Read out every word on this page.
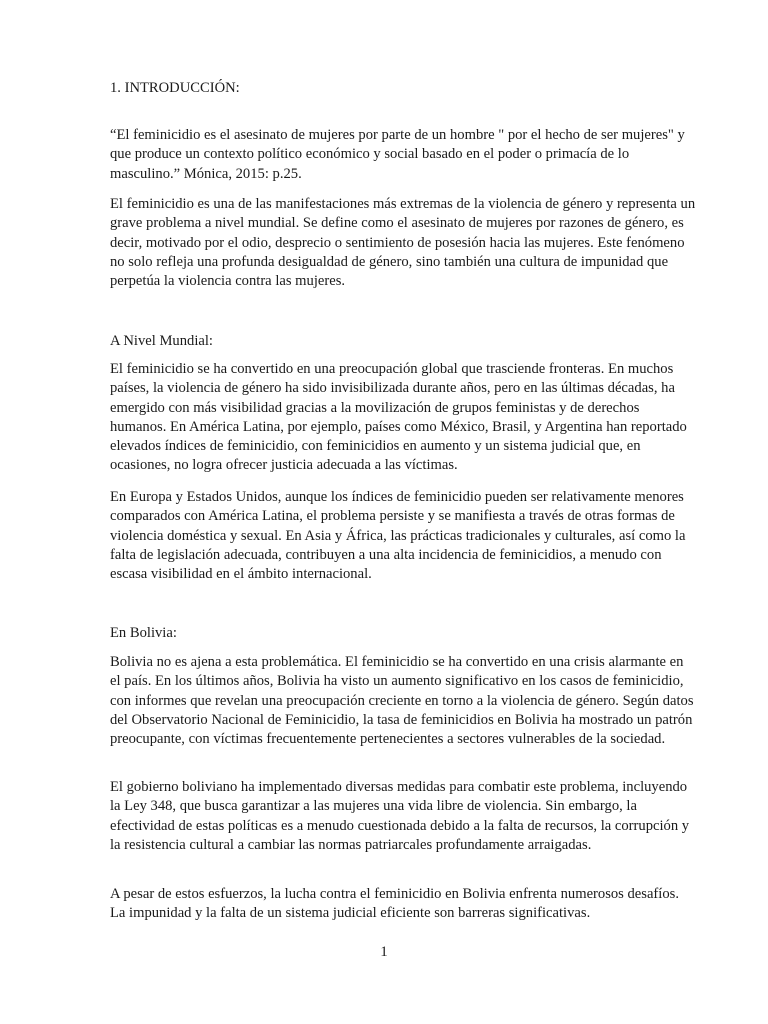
1. INTRODUCCIÓN:

“El feminicidio es el asesinato de mujeres por parte de un hombre " por el hecho de ser mujeres" y que produce un contexto político económico y social basado en el poder o primacía de lo masculino.” Mónica, 2015: p.25.

El feminicidio es una de las manifestaciones más extremas de la violencia de género y representa un grave problema a nivel mundial. Se define como el asesinato de mujeres por razones de género, es decir, motivado por el odio, desprecio o sentimiento de posesión hacia las mujeres. Este fenómeno no solo refleja una profunda desigualdad de género, sino también una cultura de impunidad que perpetúa la violencia contra las mujeres.

A Nivel Mundial:

El feminicidio se ha convertido en una preocupación global que trasciende fronteras. En muchos países, la violencia de género ha sido invisibilizada durante años, pero en las últimas décadas, ha emergido con más visibilidad gracias a la movilización de grupos feministas y de derechos humanos. En América Latina, por ejemplo, países como México, Brasil, y Argentina han reportado elevados índices de feminicidio, con feminicidios en aumento y un sistema judicial que, en ocasiones, no logra ofrecer justicia adecuada a las víctimas.

En Europa y Estados Unidos, aunque los índices de feminicidio pueden ser relativamente menores comparados con América Latina, el problema persiste y se manifiesta a través de otras formas de violencia doméstica y sexual. En Asia y África, las prácticas tradicionales y culturales, así como la falta de legislación adecuada, contribuyen a una alta incidencia de feminicidios, a menudo con escasa visibilidad en el ámbito internacional.

En Bolivia:

Bolivia no es ajena a esta problemática. El feminicidio se ha convertido en una crisis alarmante en el país. En los últimos años, Bolivia ha visto un aumento significativo en los casos de feminicidio, con informes que revelan una preocupación creciente en torno a la violencia de género. Según datos del Observatorio Nacional de Feminicidio, la tasa de feminicidios en Bolivia ha mostrado un patrón preocupante, con víctimas frecuentemente pertenecientes a sectores vulnerables de la sociedad.

El gobierno boliviano ha implementado diversas medidas para combatir este problema, incluyendo la Ley 348, que busca garantizar a las mujeres una vida libre de violencia. Sin embargo, la efectividad de estas políticas es a menudo cuestionada debido a la falta de recursos, la corrupción y la resistencia cultural a cambiar las normas patriarcales profundamente arraigadas.

A pesar de estos esfuerzos, la lucha contra el feminicidio en Bolivia enfrenta numerosos desafíos. La impunidad y la falta de un sistema judicial eficiente son barreras significativas.

1
